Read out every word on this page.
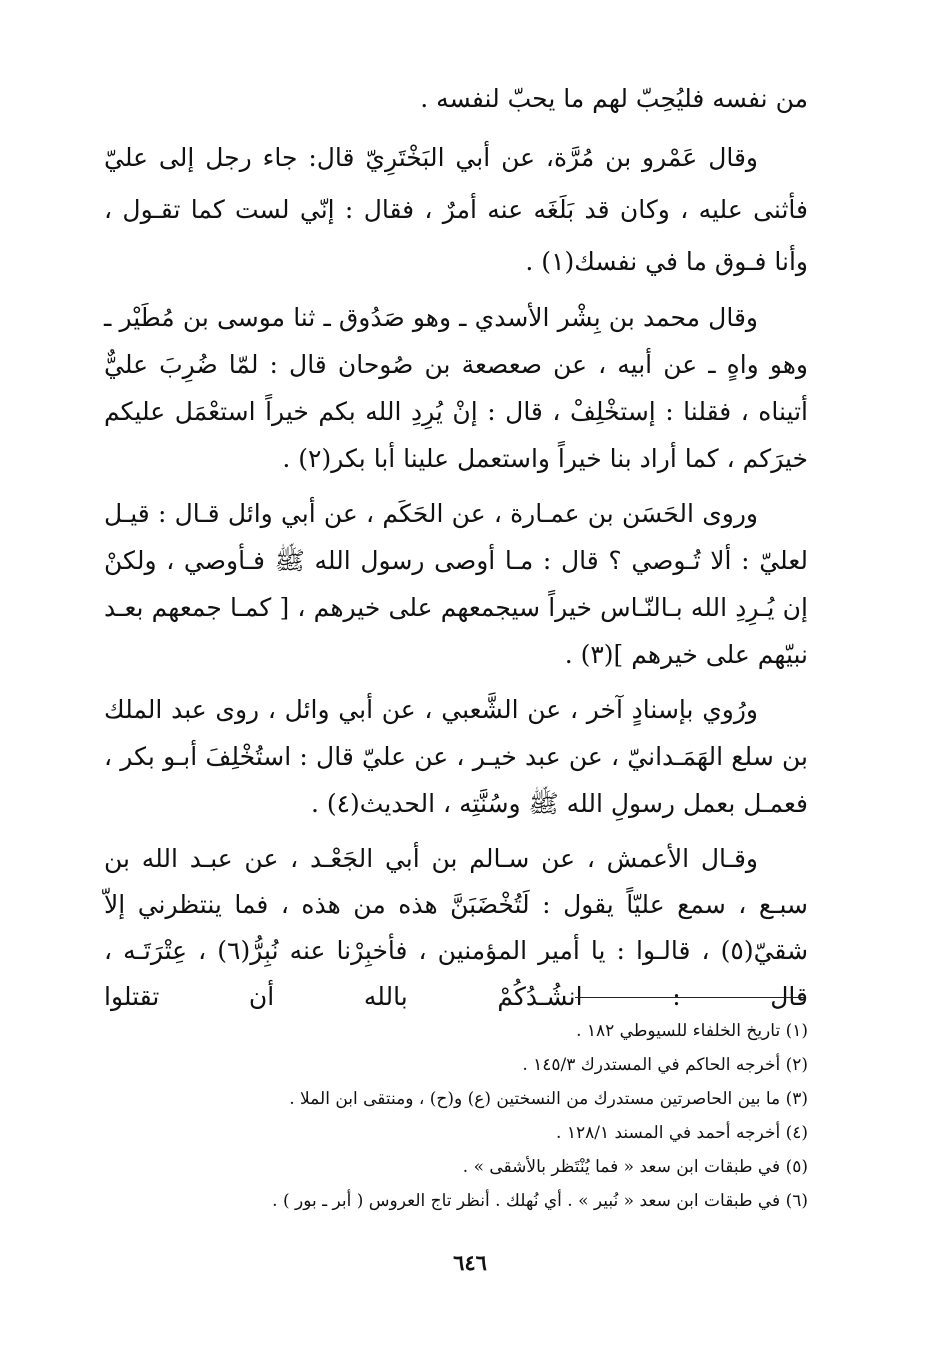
من نفسه فليُحِبّ لهم ما يحبّ لنفسه .

وقال عَمْرو بن مُرَّة، عن أبي البَخْتَرِيّ قال: جاء رجل إلى عليّ فأثنى عليه ، وكان قد بَلَغَه عنه أمرٌ ، فقال : إنّي لست كما تقـول ، وأنا فـوق ما في نفسك(١) .

وقال محمد بن بِشْر الأسدي ـ وهو صَدُوق ـ ثنا موسى بن مُطَيْر ـ وهو واهٍ ـ عن أبيه ، عن صعصعة بن صُوحان قال : لمّا ضُرِبَ عليٌّ أتيناه ، فقلنا : إستخْلِفْ ، قال : إنْ يُرِدِ الله بكم خيراً استعْمَل عليكم خيرَكم ، كما أراد بنا خيراً واستعمل علينا أبا بكر(٢) .

وروى الحَسَن بن عمـارة ، عن الحَكَم ، عن أبي وائل قـال : قيـل لعليّ : ألا تُـوصي ؟ قال : مـا أوصى رسول الله ﷺ فـأوصي ، ولكنْ إن يُـرِدِ الله بـالنّـاس خيراً سيجمعهم على خيرهم ، [ كمـا جمعهم بعـد نبيّهم على خيرهم ](٣) .

ورُوي بإسنادٍ آخر ، عن الشَّعبي ، عن أبي وائل ، روى عبد الملك بن سلع الهَمَـدانيّ ، عن عبد خيـر ، عن عليّ قال : استُخْلِفَ أبـو بكر ، فعمـل بعمل رسولِ الله ﷺ وسُنَّتِه ، الحديث(٤) .

وقـال الأعمش ، عن سـالم بن أبي الجَعْـد ، عن عبـد الله بن سبـع ، سمع عليّاً يقول : لَتُخْضَبَنَّ هذه من هذه ، فما ينتظرني إلاّ شقيّ(٥) ، قالـوا : يا أمير المؤمنين ، فأخبِرْنا عنه نُبِرُّ(٦) ، عِتْرَتَـه ، قال : انشُـدُكُمْ بالله أن تقتلوا

(١) تاريخ الخلفاء للسيوطي ١٨٢ .

(٢) أخرجه الحاكم في المستدرك ١٤٥/٣ .

(٣) ما بين الحاصرتين مستدرك من النسختين (ع) و(ح) ، ومنتقى ابن الملا .

(٤) أخرجه أحمد في المسند ١٢٨/١ .

(٥) في طبقات ابن سعد « فما يُنْتَظر بالأشقى » .

(٦) في طبقات ابن سعد « نُبير » . أي نُهلك . أنظر تاج العروس ( أبر ـ بور ) .

٦٤٦
